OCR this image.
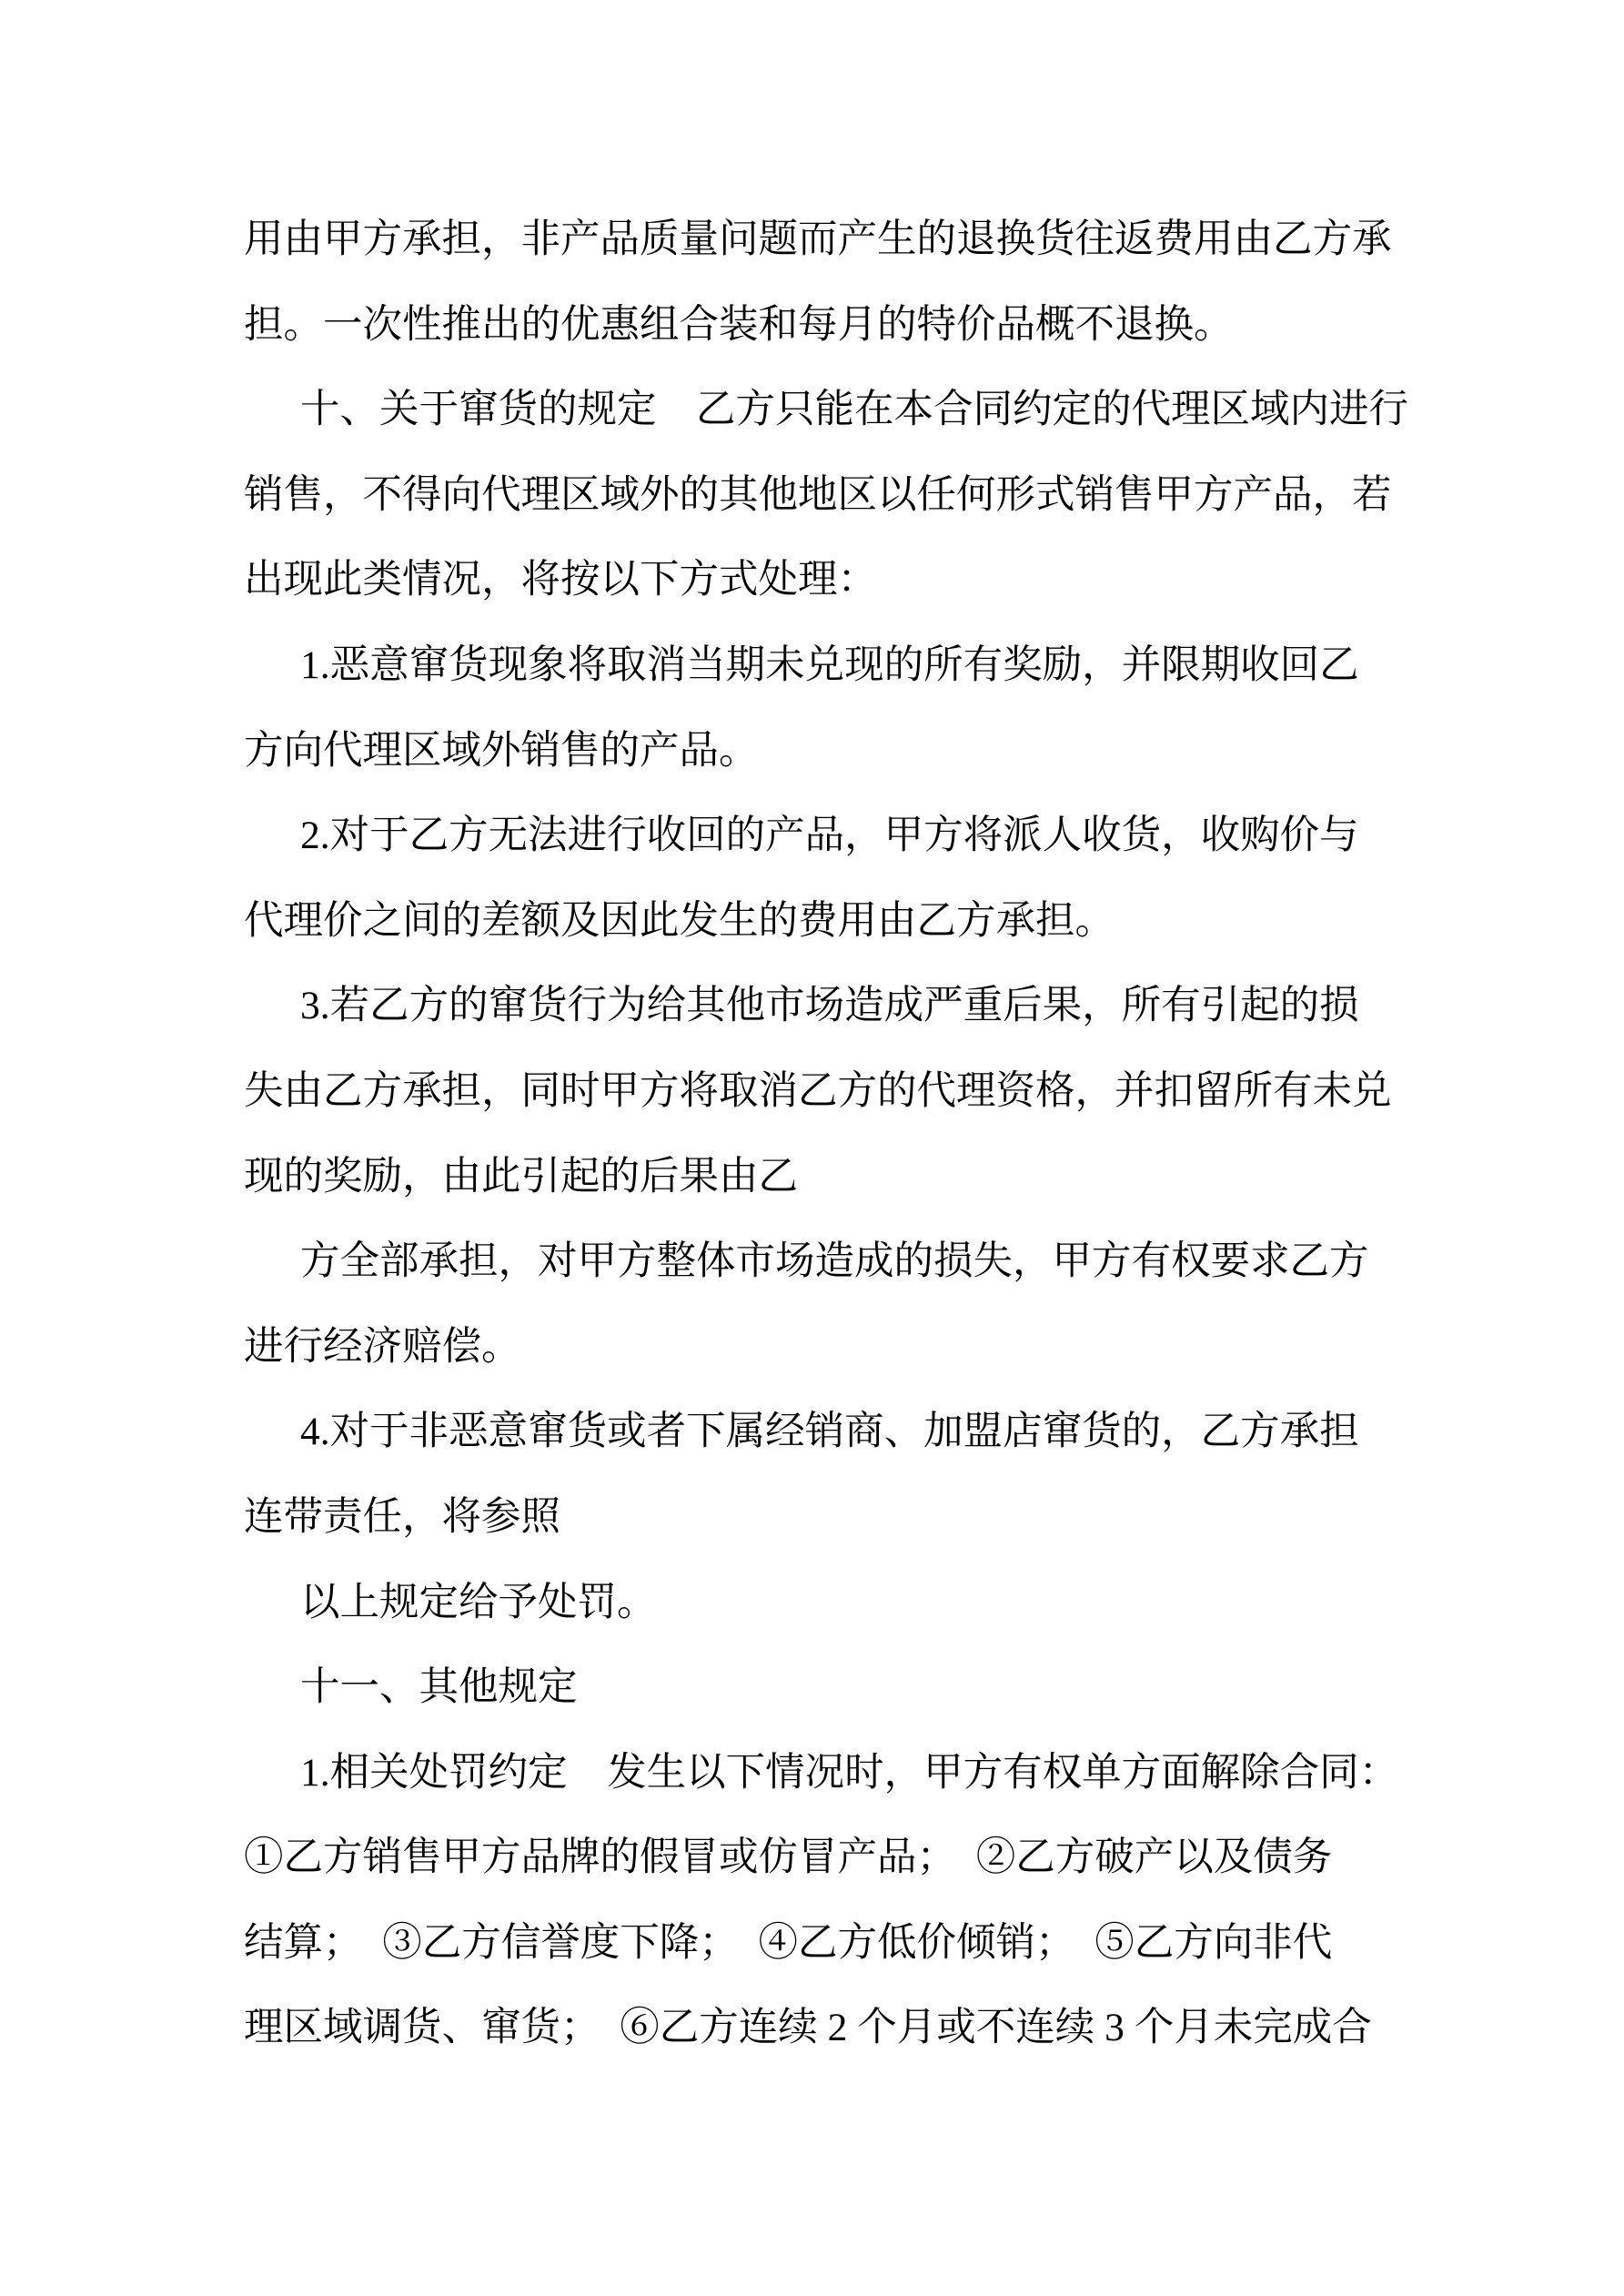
用由甲方承担，非产品质量问题而产生的退换货往返费用由乙方承
担。一次性推出的优惠组合装和每月的特价品概不退换。
十、关于窜货的规定　乙方只能在本合同约定的代理区域内进行
销售，不得向代理区域外的其他地区以任何形式销售甲方产品，若
出现此类情况，将按以下方式处理：
1.恶意窜货现象将取消当期未兑现的所有奖励，并限期收回乙
方向代理区域外销售的产品。
2.对于乙方无法进行收回的产品，甲方将派人收货，收购价与
代理价之间的差额及因此发生的费用由乙方承担。
3.若乙方的窜货行为给其他市场造成严重后果，所有引起的损
失由乙方承担，同时甲方将取消乙方的代理资格，并扣留所有未兑
现的奖励，由此引起的后果由乙
方全部承担，对甲方整体市场造成的损失，甲方有权要求乙方
进行经济赔偿。
4.对于非恶意窜货或者下属经销商、加盟店窜货的，乙方承担
连带责任，将参照
以上规定给予处罚。
十一、其他规定
1.相关处罚约定　发生以下情况时，甲方有权单方面解除合同：
①乙方销售甲方品牌的假冒或仿冒产品；　②乙方破产以及债务
结算；　③乙方信誉度下降；　④乙方低价倾销；　⑤乙方向非代
理区域调货、窜货；　⑥乙方连续 2 个月或不连续 3 个月未完成合
